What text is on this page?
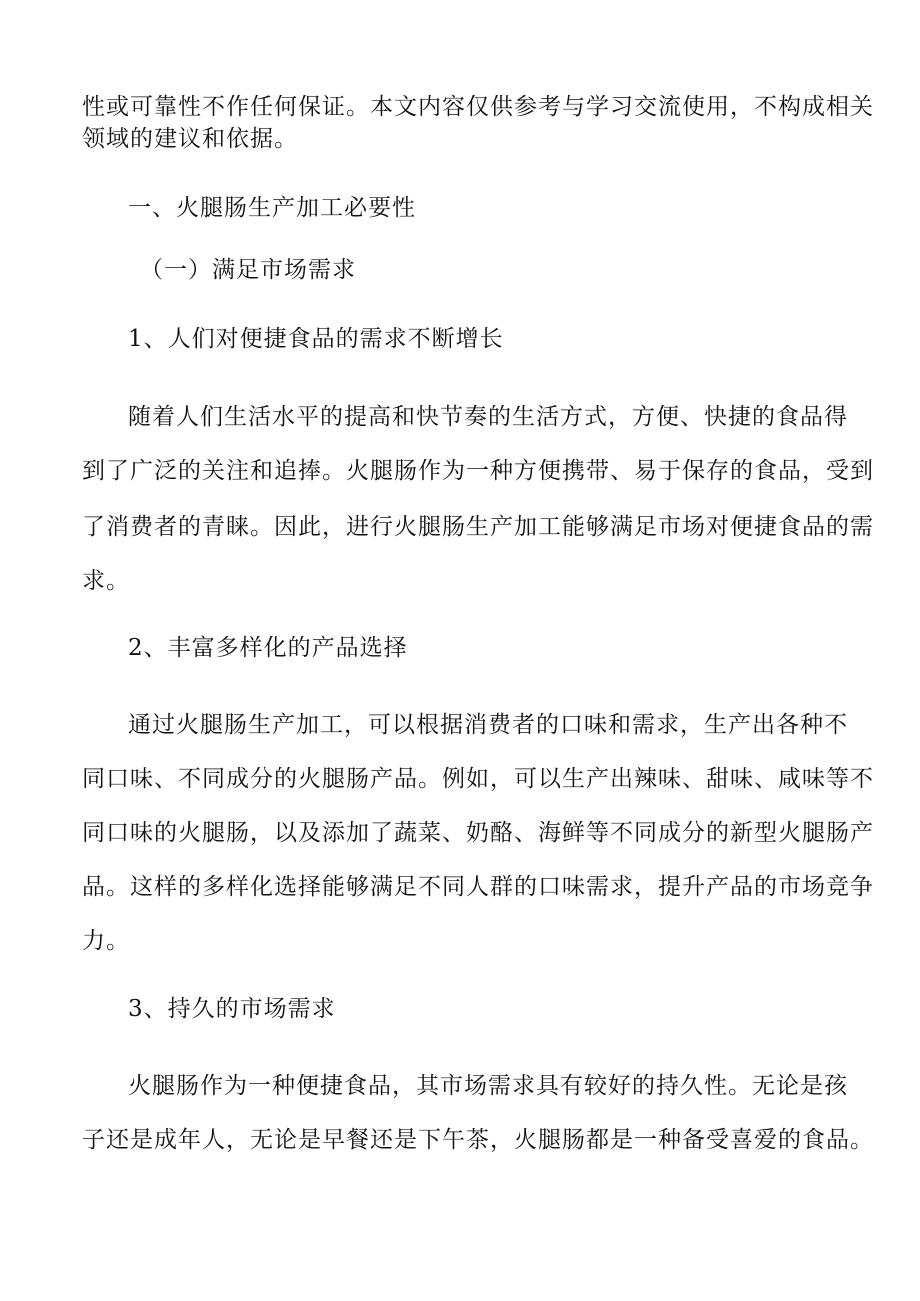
性或可靠性不作任何保证。本文内容仅供参考与学习交流使用，不构成相关
领域的建议和依据。
一、火腿肠生产加工必要性
（一）满足市场需求
1、人们对便捷食品的需求不断增长
随着人们生活水平的提高和快节奏的生活方式，方便、快捷的食品得
到了广泛的关注和追捧。火腿肠作为一种方便携带、易于保存的食品，受到
了消费者的青睐。因此，进行火腿肠生产加工能够满足市场对便捷食品的需
求。
2、丰富多样化的产品选择
通过火腿肠生产加工，可以根据消费者的口味和需求，生产出各种不
同口味、不同成分的火腿肠产品。例如，可以生产出辣味、甜味、咸味等不
同口味的火腿肠，以及添加了蔬菜、奶酪、海鲜等不同成分的新型火腿肠产
品。这样的多样化选择能够满足不同人群的口味需求，提升产品的市场竞争
力。
3、持久的市场需求
火腿肠作为一种便捷食品，其市场需求具有较好的持久性。无论是孩
子还是成年人，无论是早餐还是下午茶，火腿肠都是一种备受喜爱的食品。
